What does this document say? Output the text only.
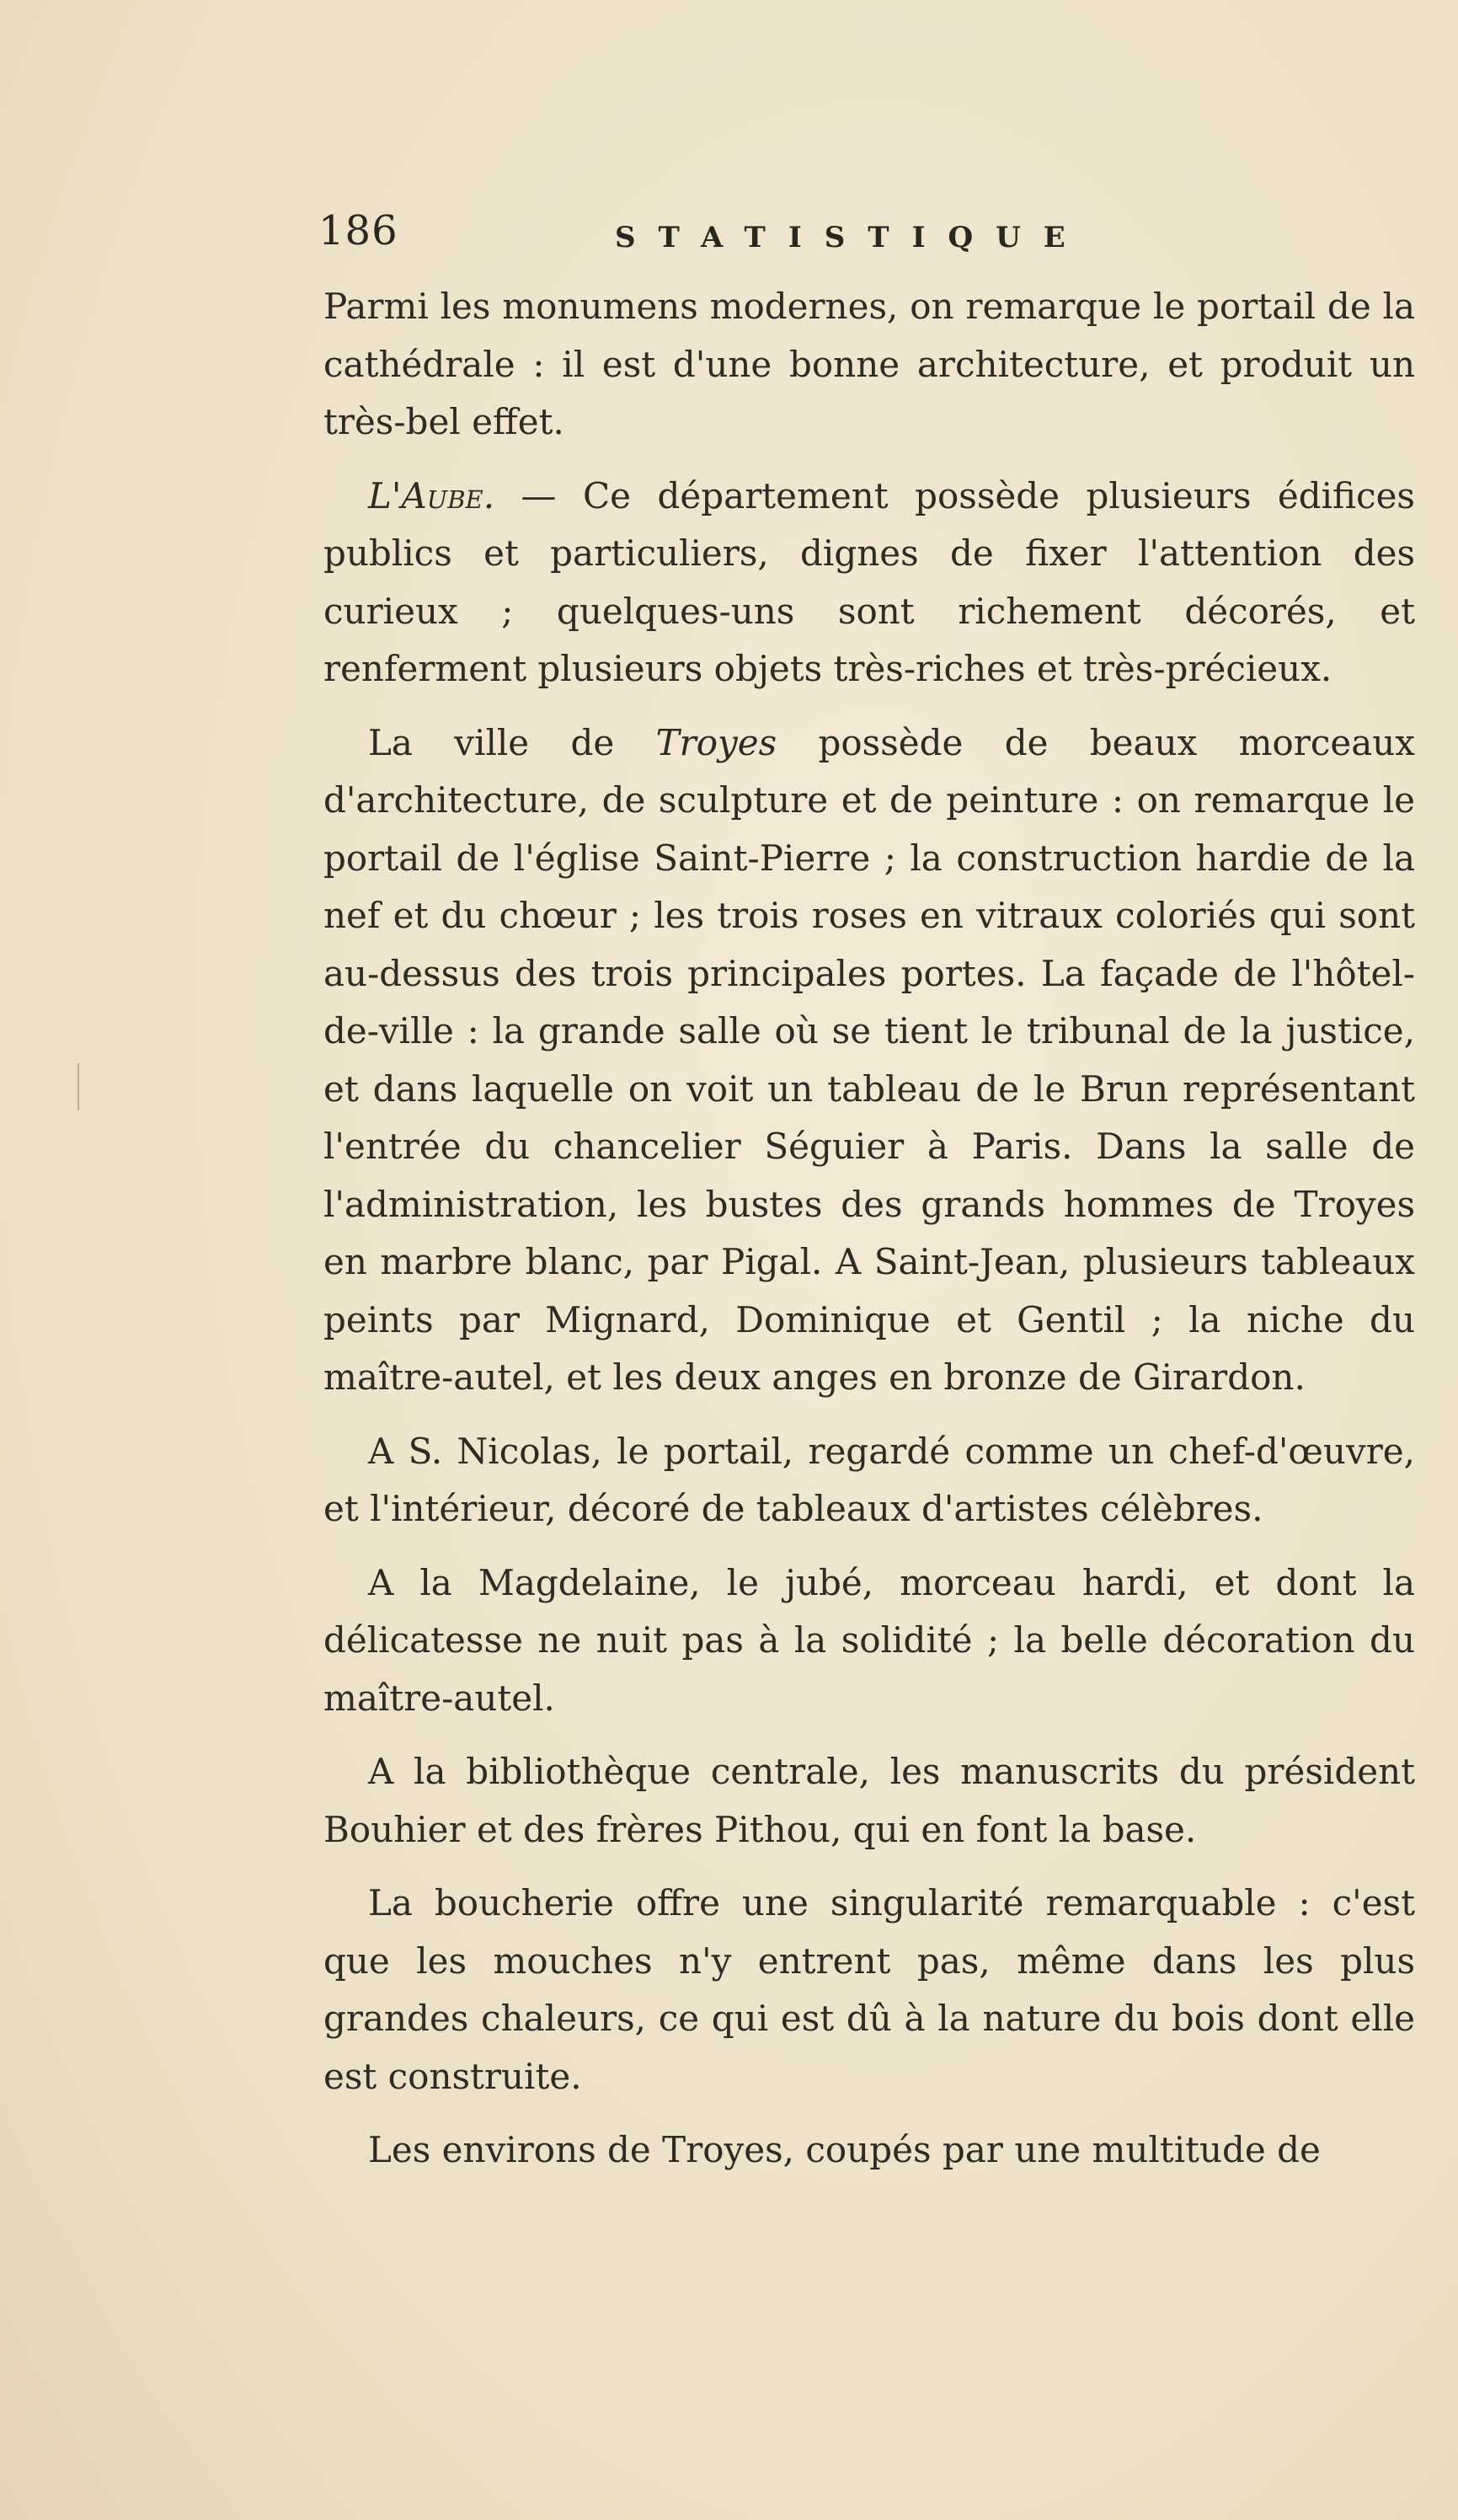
186	STATISTIQUE

Parmi les monumens modernes, on remarque le portail de la cathédrale : il est d'une bonne architecture, et produit un très-bel effet.

L'Aube. — Ce département possède plusieurs édifices publics et particuliers, dignes de fixer l'attention des curieux ; quelques-uns sont richement décorés, et renferment plusieurs objets très-riches et très-précieux.

La ville de Troyes possède de beaux morceaux d'architecture, de sculpture et de peinture : on remarque le portail de l'église Saint-Pierre ; la construction hardie de la nef et du chœur ; les trois roses en vitraux coloriés qui sont au-dessus des trois principales portes. La façade de l'hôtel-de-ville : la grande salle où se tient le tribunal de la justice, et dans laquelle on voit un tableau de le Brun représentant l'entrée du chancelier Séguier à Paris. Dans la salle de l'administration, les bustes des grands hommes de Troyes en marbre blanc, par Pigal. A Saint-Jean, plusieurs tableaux peints par Mignard, Dominique et Gentil ; la niche du maître-autel, et les deux anges en bronze de Girardon.

A S. Nicolas, le portail, regardé comme un chef-d'œuvre, et l'intérieur, décoré de tableaux d'artistes célèbres.

A la Magdelaine, le jubé, morceau hardi, et dont la délicatesse ne nuit pas à la solidité ; la belle décoration du maître-autel.

A la bibliothèque centrale, les manuscrits du président Bouhier et des frères Pithou, qui en font la base.

La boucherie offre une singularité remarquable : c'est que les mouches n'y entrent pas, même dans les plus grandes chaleurs, ce qui est dû à la nature du bois dont elle est construite.

Les environs de Troyes, coupés par une multitude de
